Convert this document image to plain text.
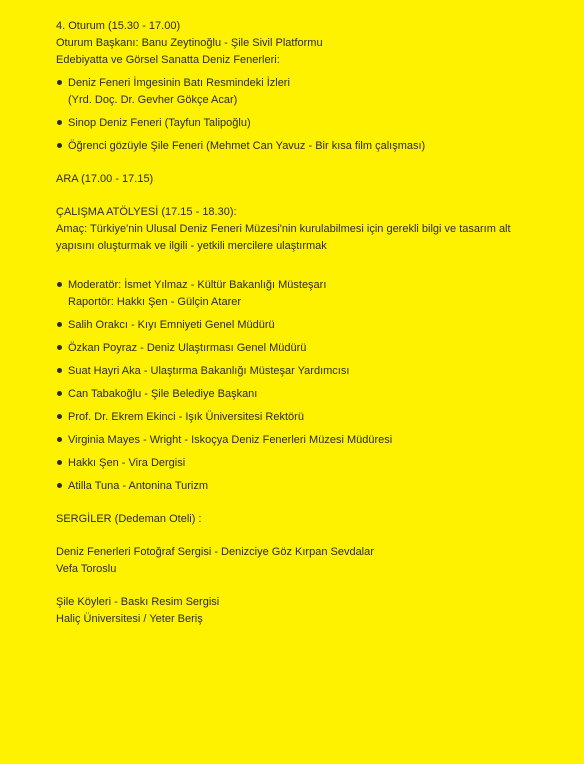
4. Oturum (15.30 - 17.00)
Oturum Başkanı: Banu Zeytinoğlu - Şile Sivil Platformu
Edebiyatta ve Görsel Sanatta Deniz Fenerleri:
Deniz Feneri İmgesinin Batı Resmindeki İzleri
(Yrd. Doç. Dr. Gevher Gökçe Acar)
Sinop Deniz Feneri (Tayfun Talipoğlu)
Öğrenci gözüyle Şile Feneri (Mehmet Can Yavuz - Bir kısa film çalışması)
ARA (17.00 - 17.15)
ÇALIŞMA ATÖLYESİ (17.15 - 18.30):
Amaç: Türkiye'nin Ulusal Deniz Feneri Müzesi'nin kurulabilmesi için gerekli bilgi ve tasarım alt yapısını oluşturmak ve ilgili - yetkili mercilere ulaştırmak
Moderatör: İsmet Yılmaz - Kültür Bakanlığı Müsteşarı
Raportör: Hakkı Şen - Gülçin Atarer
Salih Orakcı - Kıyı Emniyeti Genel Müdürü
Özkan Poyraz - Deniz Ulaştırması Genel Müdürü
Suat Hayri Aka - Ulaştırma Bakanlığı Müsteşar Yardımcısı
Can Tabakoğlu - Şile Belediye Başkanı
Prof. Dr. Ekrem Ekinci - Işık Üniversitesi Rektörü
Virginia Mayes - Wright - Iskoçya Deniz Fenerleri Müzesi Müdüresi
Hakkı Şen - Vira Dergisi
Atilla Tuna - Antonina Turizm
SERGİLER (Dedeman Oteli) :
Deniz Fenerleri Fotoğraf Sergisi - Denizciye Göz Kırpan Sevdalar
Vefa Toroslu
Şile Köyleri - Baskı Resim Sergisi
Haliç Üniversitesi / Yeter Beriş
